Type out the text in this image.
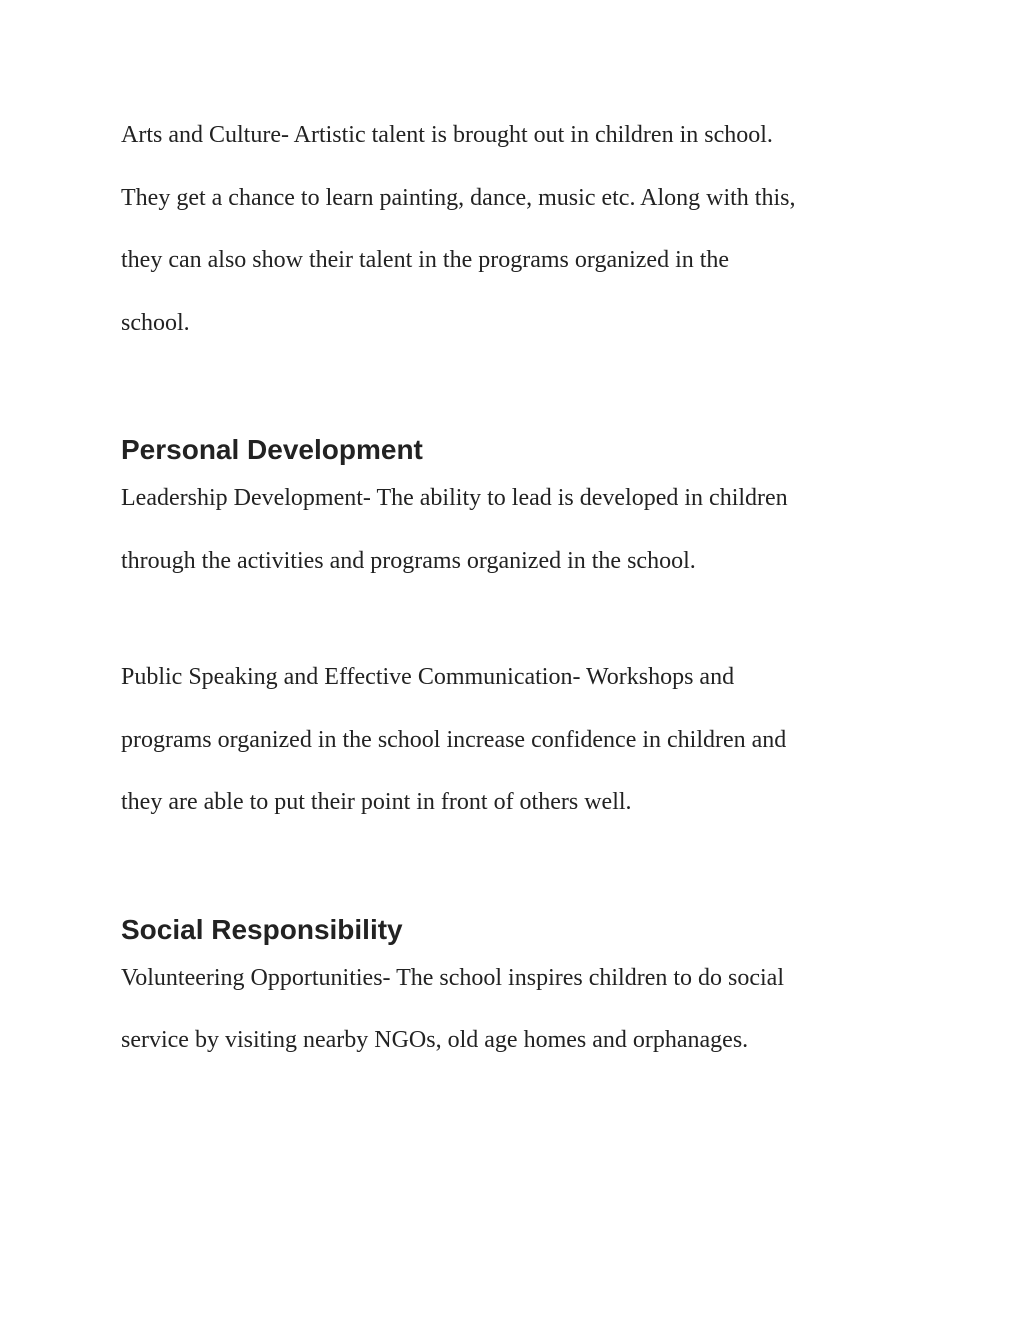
Arts and Culture- Artistic talent is brought out in children in school.
They get a chance to learn painting, dance, music etc. Along with this,
they can also show their talent in the programs organized in the
school.

Personal Development

Leadership Development- The ability to lead is developed in children
through the activities and programs organized in the school.

Public Speaking and Effective Communication- Workshops and
programs organized in the school increase confidence in children and
they are able to put their point in front of others well.

Social Responsibility

Volunteering Opportunities- The school inspires children to do social
service by visiting nearby NGOs, old age homes and orphanages.
